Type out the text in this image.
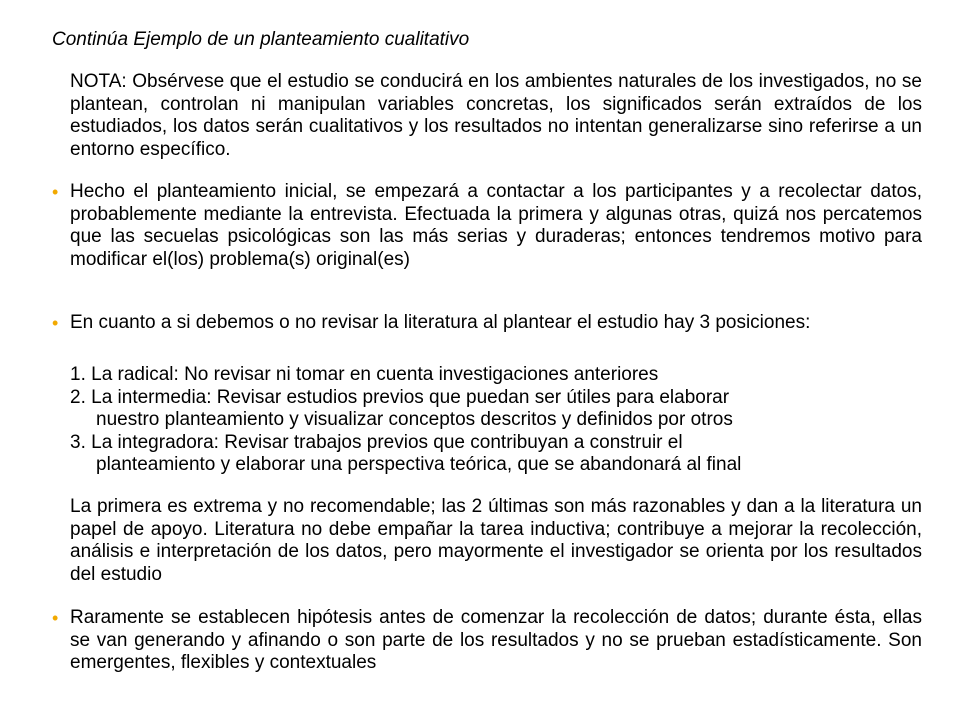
Continúa Ejemplo de un planteamiento cualitativo
NOTA: Obsérvese que el estudio se conducirá en los ambientes naturales de los investigados, no se plantean, controlan ni manipulan variables concretas, los significados serán extraídos de los estudiados, los datos serán cualitativos y los resultados no intentan generalizarse sino referirse a un entorno específico.
• Hecho el planteamiento inicial, se empezará a contactar a los participantes y a recolectar datos, probablemente mediante la entrevista. Efectuada la primera y algunas otras, quizá nos percatemos que las secuelas psicológicas son las más serias y duraderas; entonces tendremos motivo para modificar el(los) problema(s) original(es)
• En cuanto a si debemos o no revisar la literatura al plantear el estudio hay 3 posiciones:
1. La radical: No revisar ni tomar en cuenta investigaciones anteriores
2. La intermedia: Revisar estudios previos que puedan ser útiles para elaborar
nuestro planteamiento y visualizar conceptos descritos y definidos por otros
3. La integradora: Revisar trabajos previos que contribuyan a construir el
planteamiento y elaborar una perspectiva teórica, que se abandonará al final
La primera es extrema y no recomendable; las 2 últimas son más razonables y dan a la literatura un papel de apoyo. Literatura no debe empañar la tarea inductiva; contribuye a mejorar la recolección, análisis e interpretación de los datos, pero mayormente el investigador se orienta por los resultados del estudio
• Raramente se establecen hipótesis antes de comenzar la recolección de datos; durante ésta, ellas se van generando y afinando o son parte de los resultados y no se prueban estadísticamente. Son emergentes, flexibles y contextuales
